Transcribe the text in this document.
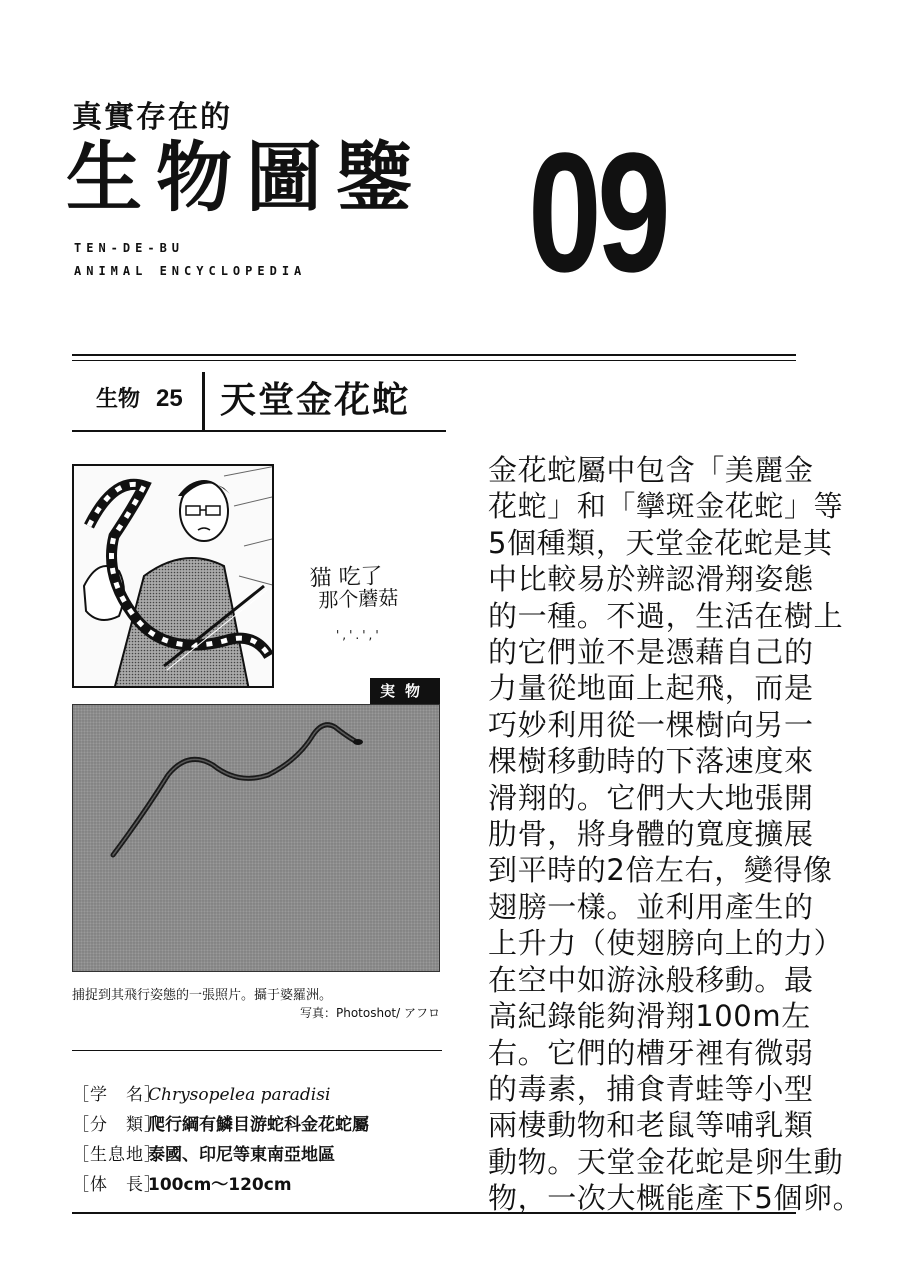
真實存在的
生物圖鑒
TEN-DE-BU
ANIMAL ENCYCLOPEDIA 09
生物 25 天堂金花蛇
猫 吃了
那个蘑菇
','.','
実物
捕捉到其飛行姿態的一張照片。攝于婆羅洲。
写真：Photoshot/ アフロ
［学　名］Chrysopelea paradisi
［分　類］爬行綱有鱗目游蛇科金花蛇屬
［生息地］泰國、印尼等東南亞地區
［体　長］100cm～120cm
金花蛇屬中包含「美麗金
花蛇」和「攣斑金花蛇」等
5個種類，天堂金花蛇是其
中比較易於辨認滑翔姿態
的一種。不過，生活在樹上
的它們並不是憑藉自己的
力量從地面上起飛，而是
巧妙利用從一棵樹向另一
棵樹移動時的下落速度來
滑翔的。它們大大地張開
肋骨，將身體的寬度擴展
到平時的2倍左右，變得像
翅膀一樣。並利用產生的
上升力（使翅膀向上的力）
在空中如游泳般移動。最
高紀錄能夠滑翔100m左
右。它們的槽牙裡有微弱
的毒素，捕食青蛙等小型
兩棲動物和老鼠等哺乳類
動物。天堂金花蛇是卵生動
物，一次大概能產下5個卵。
